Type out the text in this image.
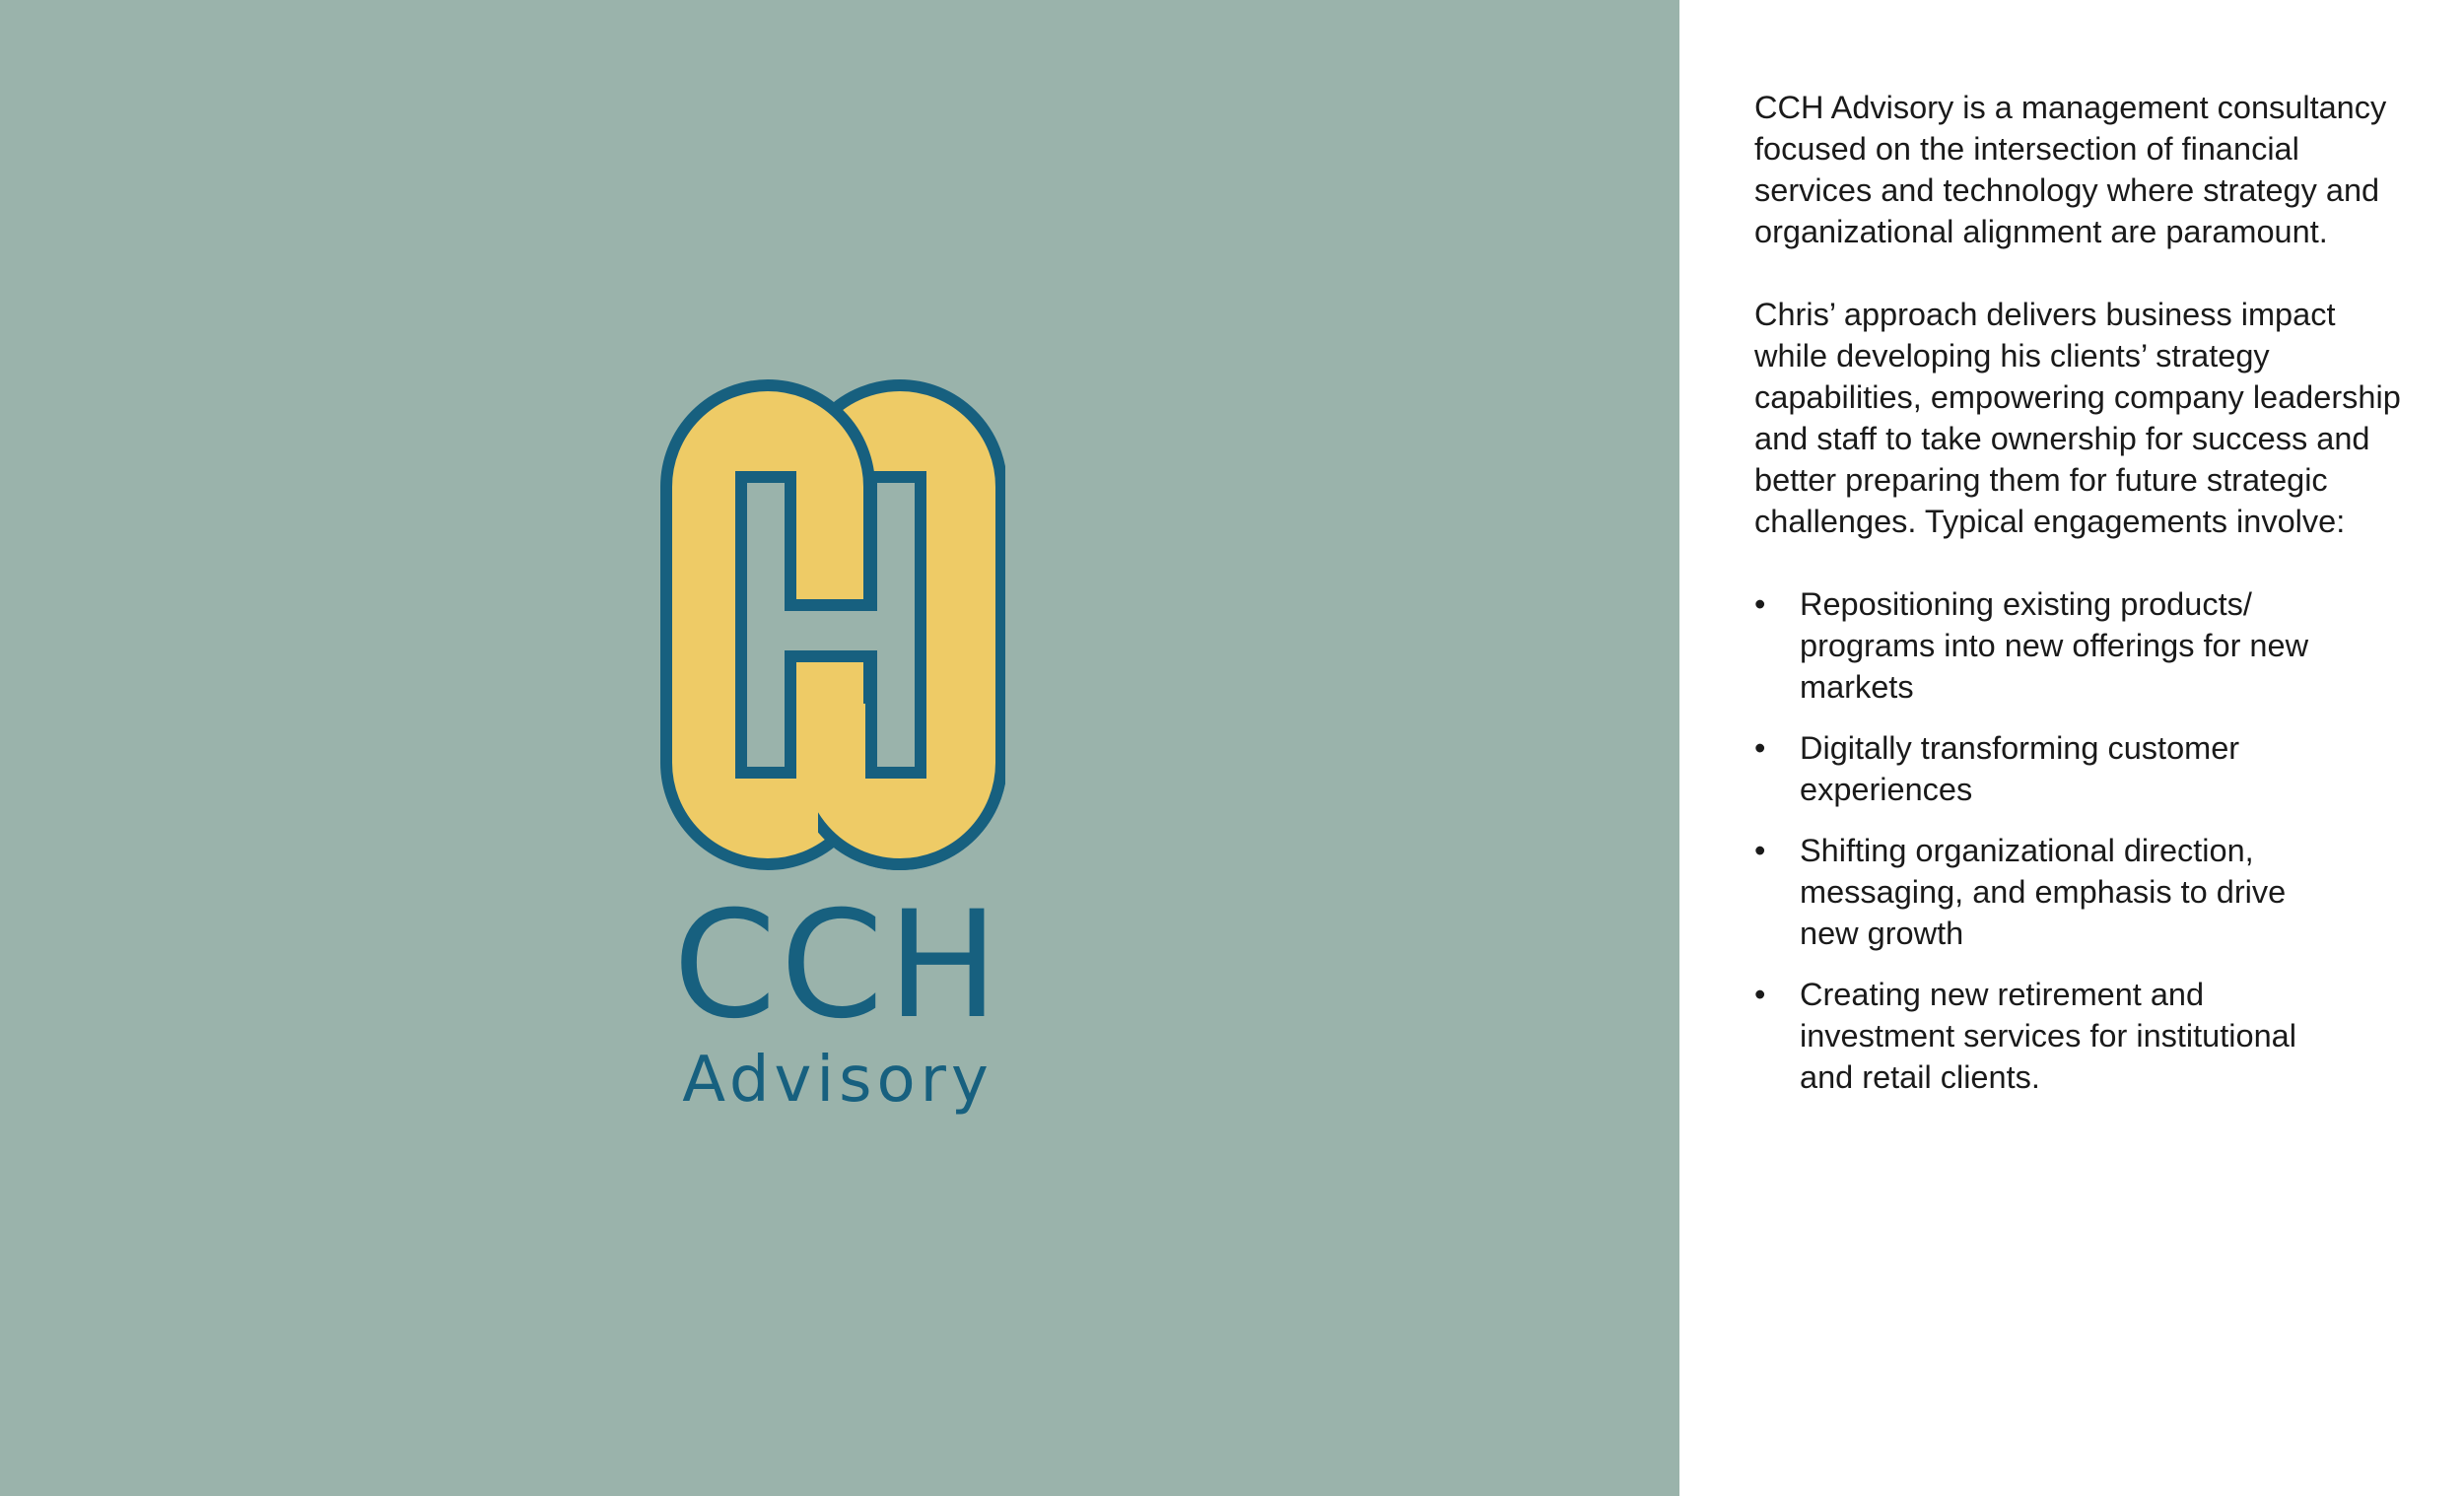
CCH
Advisory

CCH Advisory is a management consultancy focused on the intersection of financial services and technology where strategy and organizational alignment are paramount.

Chris’ approach delivers business impact while developing his clients’ strategy capabilities, empowering company leadership and staff to take ownership for success and better preparing them for future strategic challenges. Typical engagements involve:

• Repositioning existing products/ programs into new offerings for new markets
• Digitally transforming customer experiences
• Shifting organizational direction, messaging, and emphasis to drive new growth
• Creating new retirement and investment services for institutional and retail clients.
